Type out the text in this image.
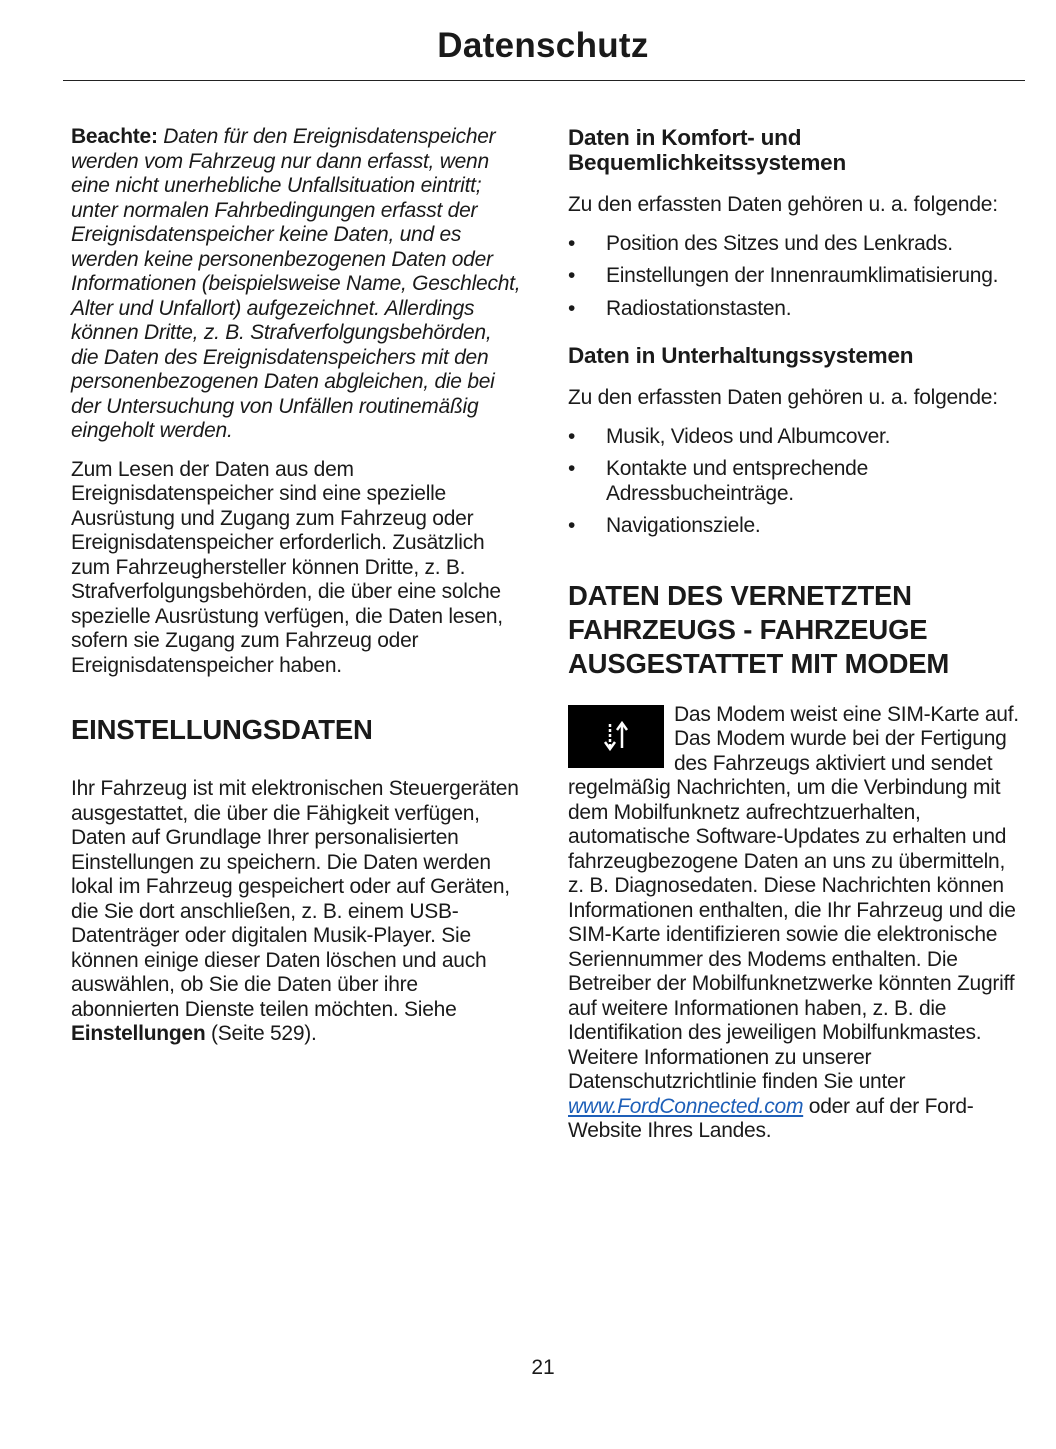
Datenschutz

Beachte: Daten für den Ereignisdatenspeicher werden vom Fahrzeug nur dann erfasst, wenn eine nicht unerhebliche Unfallsituation eintritt; unter normalen Fahrbedingungen erfasst der Ereignisdatenspeicher keine Daten, und es werden keine personenbezogenen Daten oder Informationen (beispielsweise Name, Geschlecht, Alter und Unfallort) aufgezeichnet. Allerdings können Dritte, z. B. Strafverfolgungsbehörden, die Daten des Ereignisdatenspeichers mit den personenbezogenen Daten abgleichen, die bei der Untersuchung von Unfällen routinemäßig eingeholt werden.

Zum Lesen der Daten aus dem Ereignisdatenspeicher sind eine spezielle Ausrüstung und Zugang zum Fahrzeug oder Ereignisdatenspeicher erforderlich. Zusätzlich zum Fahrzeughersteller können Dritte, z. B. Strafverfolgungsbehörden, die über eine solche spezielle Ausrüstung verfügen, die Daten lesen, sofern sie Zugang zum Fahrzeug oder Ereignisdatenspeicher haben.

EINSTELLUNGSDATEN

Ihr Fahrzeug ist mit elektronischen Steuergeräten ausgestattet, die über die Fähigkeit verfügen, Daten auf Grundlage Ihrer personalisierten Einstellungen zu speichern. Die Daten werden lokal im Fahrzeug gespeichert oder auf Geräten, die Sie dort anschließen, z. B. einem USB-Datenträger oder digitalen Musik-Player. Sie können einige dieser Daten löschen und auch auswählen, ob Sie die Daten über ihre abonnierten Dienste teilen möchten. Siehe Einstellungen (Seite 529).

Daten in Komfort- und Bequemlichkeitssystemen

Zu den erfassten Daten gehören u. a. folgende:

• Position des Sitzes und des Lenkrads.
• Einstellungen der Innenraumklimatisierung.
• Radiostationstasten.
Daten in Unterhaltungssystemen

Zu den erfassten Daten gehören u. a. folgende:

• Musik, Videos und Albumcover.
• Kontakte und entsprechende Adressbucheinträge.
• Navigationsziele.
DATEN DES VERNETZTEN FAHRZEUGS - FAHRZEUGE AUSGESTATTET MIT MODEM

Das Modem weist eine SIM-Karte auf. Das Modem wurde bei der Fertigung des Fahrzeugs aktiviert und sendet regelmäßig Nachrichten, um die Verbindung mit dem Mobilfunknetz aufrechtzuerhalten, automatische Software-Updates zu erhalten und fahrzeugbezogene Daten an uns zu übermitteln, z. B. Diagnosedaten. Diese Nachrichten können Informationen enthalten, die Ihr Fahrzeug und die SIM-Karte identifizieren sowie die elektronische Seriennummer des Modems enthalten. Die Betreiber der Mobilfunknetzwerke könnten Zugriff auf weitere Informationen haben, z. B. die Identifikation des jeweiligen Mobilfunkmastes. Weitere Informationen zu unserer Datenschutzrichtlinie finden Sie unter www.FordConnected.com oder auf der Ford-Website Ihres Landes.

21
